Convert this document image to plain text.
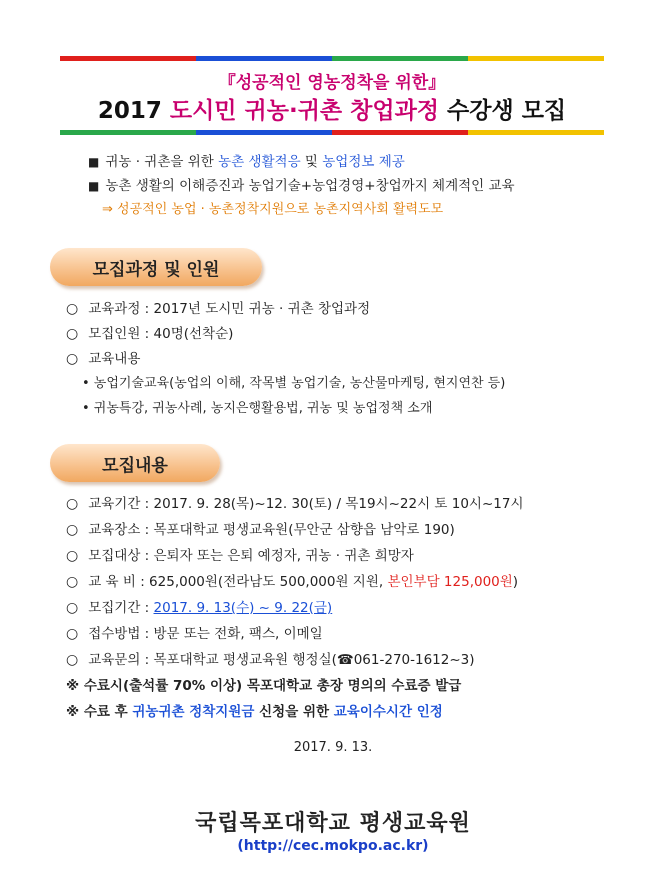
『성공적인 영농정착을 위한』
2017 도시민 귀농·귀촌 창업과정 수강생 모집
■ 귀농 · 귀촌을 위한 농촌 생활적응 및 농업정보 제공
■ 농촌 생활의 이해증진과 농업기술+농업경영+창업까지 체계적인 교육
⇒ 성공적인 농업 · 농촌정착지원으로 농촌지역사회 활력도모
모집과정 및 인원
○ 교육과정 : 2017년 도시민 귀농 · 귀촌 창업과정
○ 모집인원 : 40명(선착순)
○ 교육내용
• 농업기술교육(농업의 이해, 작목별 농업기술, 농산물마케팅, 현지연찬 등)
• 귀농특강, 귀농사례, 농지은행활용법, 귀농 및 농업정책 소개
모집내용
○ 교육기간 : 2017. 9. 28(목)~12. 30(토) / 목19시~22시 토 10시~17시
○ 교육장소 : 목포대학교 평생교육원(무안군 삼향읍 남악로 190)
○ 모집대상 : 은퇴자 또는 은퇴 예정자, 귀농 · 귀촌 희망자
○ 교 육 비 : 625,000원(전라남도 500,000원 지원, 본인부담 125,000원)
○ 모집기간 : 2017. 9. 13(수) ~ 9. 22(금)
○ 접수방법 : 방문 또는 전화, 팩스, 이메일
○ 교육문의 : 목포대학교 평생교육원 행정실(☎061-270-1612~3)
※ 수료시(출석률 70% 이상) 목포대학교 총장 명의의 수료증 발급
※ 수료 후 귀농귀촌 정착지원금 신청을 위한 교육이수시간 인정
2017. 9. 13.
국립목포대학교 평생교육원
(http://cec.mokpo.ac.kr)
